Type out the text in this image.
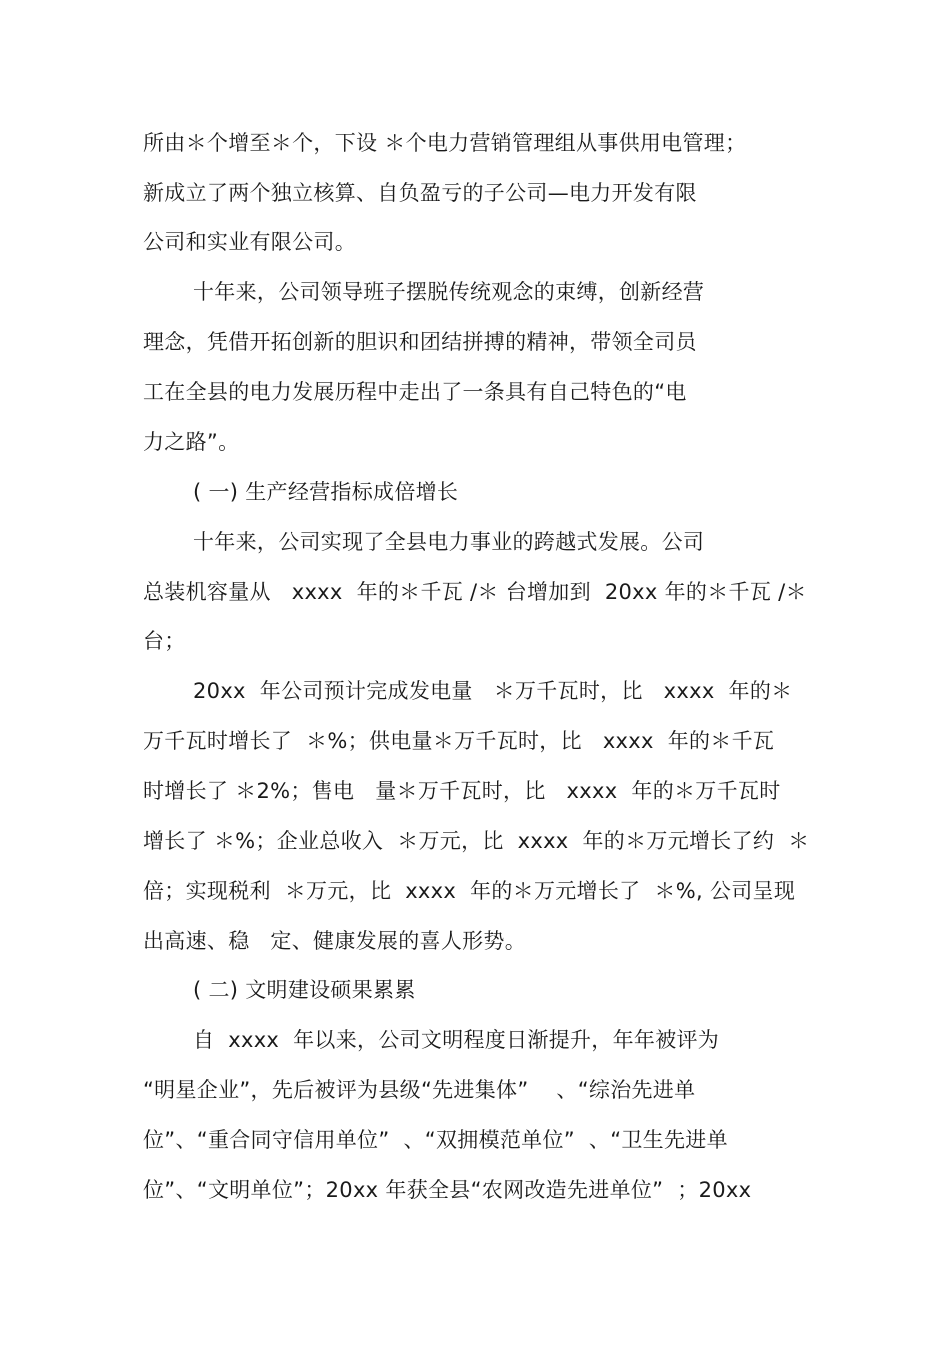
所由＊个增至＊个，下设 ＊个电力营销管理组从事供用电管理；
新成立了两个独立核算、自负盈亏的子公司—电力开发有限
公司和实业有限公司。
十年来，公司领导班子摆脱传统观念的束缚，创新经营
理念，凭借开拓创新的胆识和团结拼搏的精神，带领全司员
工在全县的电力发展历程中走出了一条具有自己特色的“电
力之路”。
( 一) 生产经营指标成倍增长
十年来，公司实现了全县电力事业的跨越式发展。公司
总装机容量从   xxxx  年的＊千瓦 /＊ 台增加到  20xx 年的＊千瓦 /＊
台；
20xx  年公司预计完成发电量   ＊万千瓦时，比   xxxx  年的＊
万千瓦时增长了  ＊%；供电量＊万千瓦时，比   xxxx  年的＊千瓦
时增长了 ＊2%；售电   量＊万千瓦时，比   xxxx  年的＊万千瓦时
增长了 ＊%；企业总收入  ＊万元，比  xxxx  年的＊万元增长了约  ＊
倍；实现税利  ＊万元，比  xxxx  年的＊万元增长了  ＊%, 公司呈现
出高速、稳   定、健康发展的喜人形势。
( 二) 文明建设硕果累累
自  xxxx  年以来，公司文明程度日渐提升，年年被评为
“明星企业”，先后被评为县级“先进集体”    、“综治先进单
位”、“重合同守信用单位”  、“双拥模范单位”  、“卫生先进单
位”、“文明单位”；20xx 年获全县“农网改造先进单位”  ；20xx
